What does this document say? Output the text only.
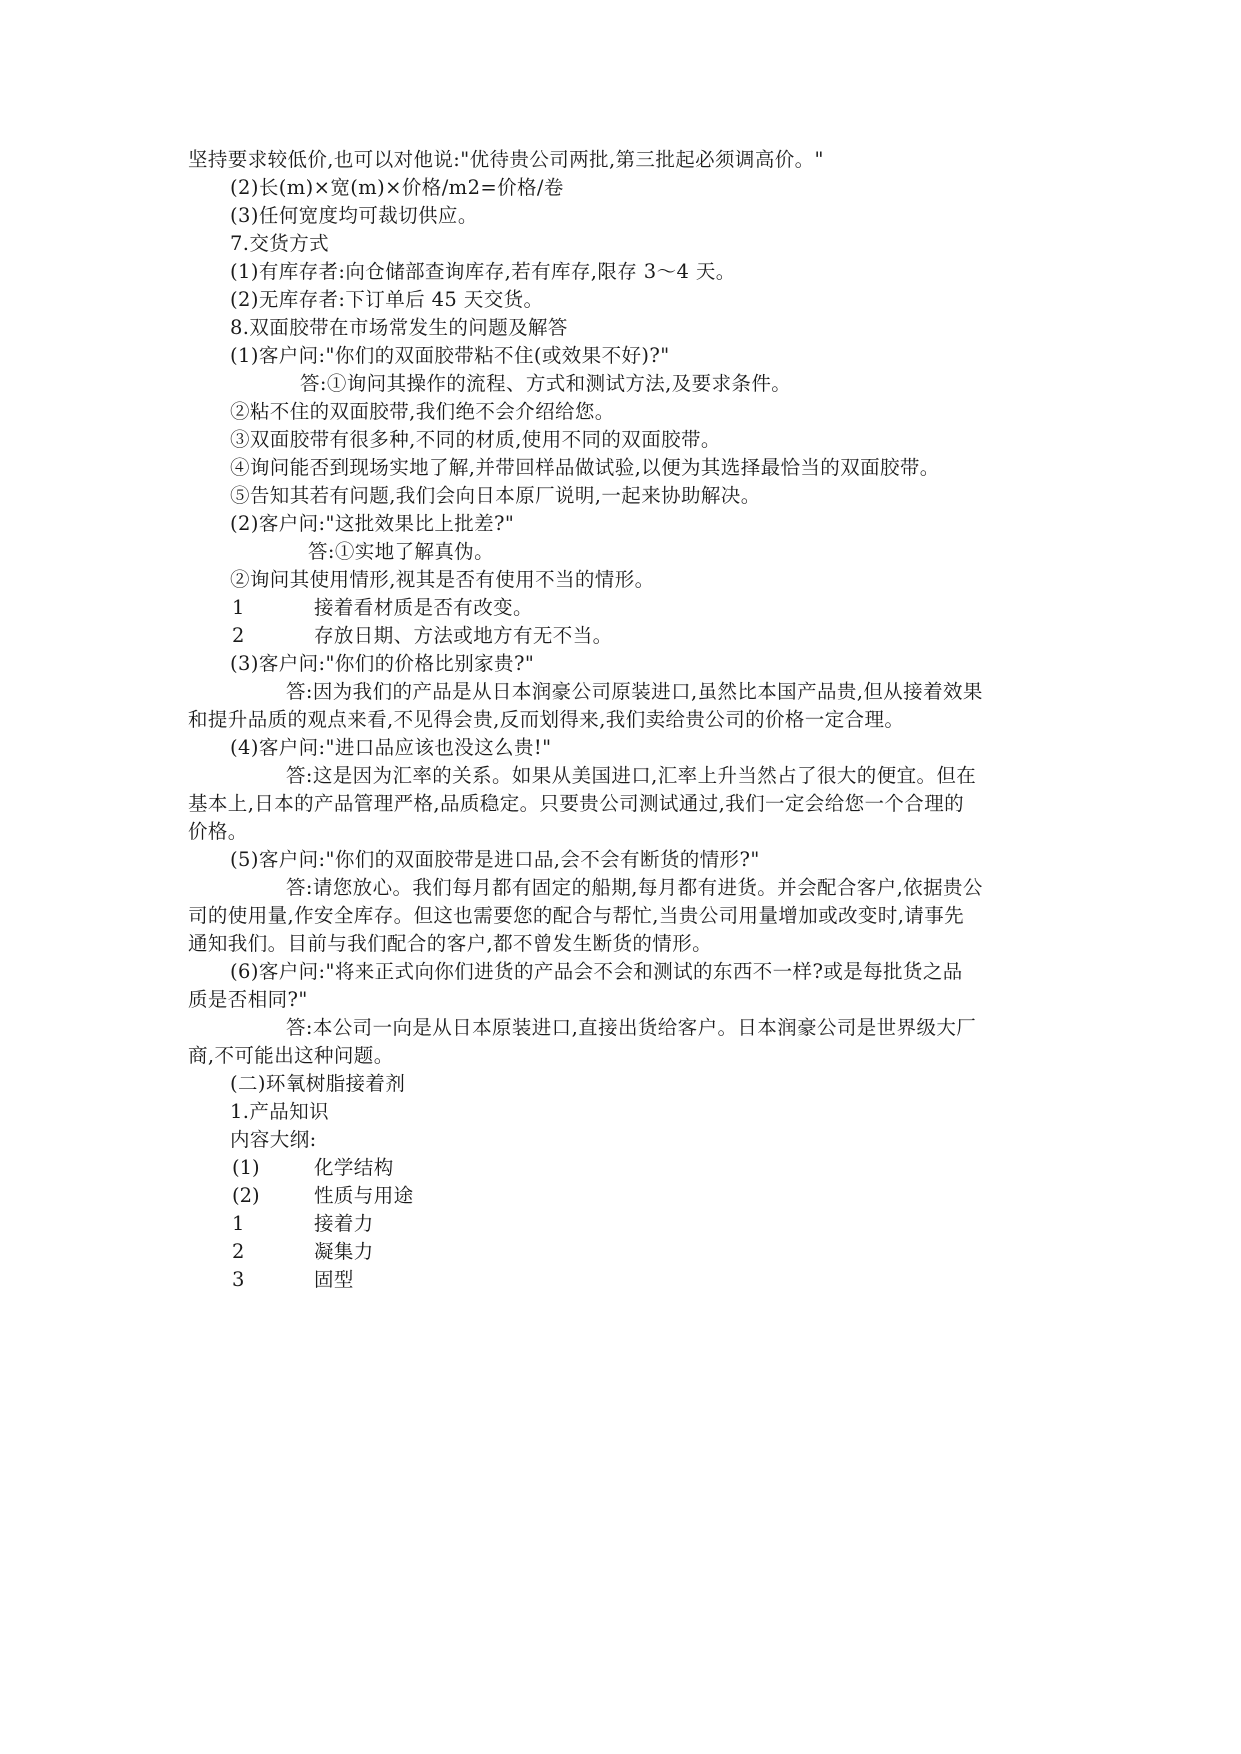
坚持要求较低价,也可以对他说:"优待贵公司两批,第三批起必须调高价。"
(2)长(m)×宽(m)×价格/m2=价格/卷
(3)任何宽度均可裁切供应。
7.交货方式
(1)有库存者:向仓储部查询库存,若有库存,限存 3～4 天。
(2)无库存者:下订单后 45 天交货。
8.双面胶带在市场常发生的问题及解答
(1)客户问:"你们的双面胶带粘不住(或效果不好)?"
答:①询问其操作的流程、方式和测试方法,及要求条件。
②粘不住的双面胶带,我们绝不会介绍给您。
③双面胶带有很多种,不同的材质,使用不同的双面胶带。
④询问能否到现场实地了解,并带回样品做试验,以便为其选择最恰当的双面胶带。
⑤告知其若有问题,我们会向日本原厂说明,一起来协助解决。
(2)客户问:"这批效果比上批差?"
答:①实地了解真伪。
②询问其使用情形,视其是否有使用不当的情形。
1	接着看材质是否有改变。
2	存放日期、方法或地方有无不当。
(3)客户问:"你们的价格比别家贵?"
答:因为我们的产品是从日本润豪公司原装进口,虽然比本国产品贵,但从接着效果
和提升品质的观点来看,不见得会贵,反而划得来,我们卖给贵公司的价格一定合理。
(4)客户问:"进口品应该也没这么贵!"
答:这是因为汇率的关系。如果从美国进口,汇率上升当然占了很大的便宜。但在
基本上,日本的产品管理严格,品质稳定。只要贵公司测试通过,我们一定会给您一个合理的
价格。
(5)客户问:"你们的双面胶带是进口品,会不会有断货的情形?"
答:请您放心。我们每月都有固定的船期,每月都有进货。并会配合客户,依据贵公
司的使用量,作安全库存。但这也需要您的配合与帮忙,当贵公司用量增加或改变时,请事先
通知我们。目前与我们配合的客户,都不曾发生断货的情形。
(6)客户问:"将来正式向你们进货的产品会不会和测试的东西不一样?或是每批货之品
质是否相同?"
答:本公司一向是从日本原装进口,直接出货给客户。日本润豪公司是世界级大厂
商,不可能出这种问题。
(二)环氧树脂接着剂
1.产品知识
内容大纲:
(1)	化学结构
(2)	性质与用途
1	接着力
2	凝集力
3	固型
